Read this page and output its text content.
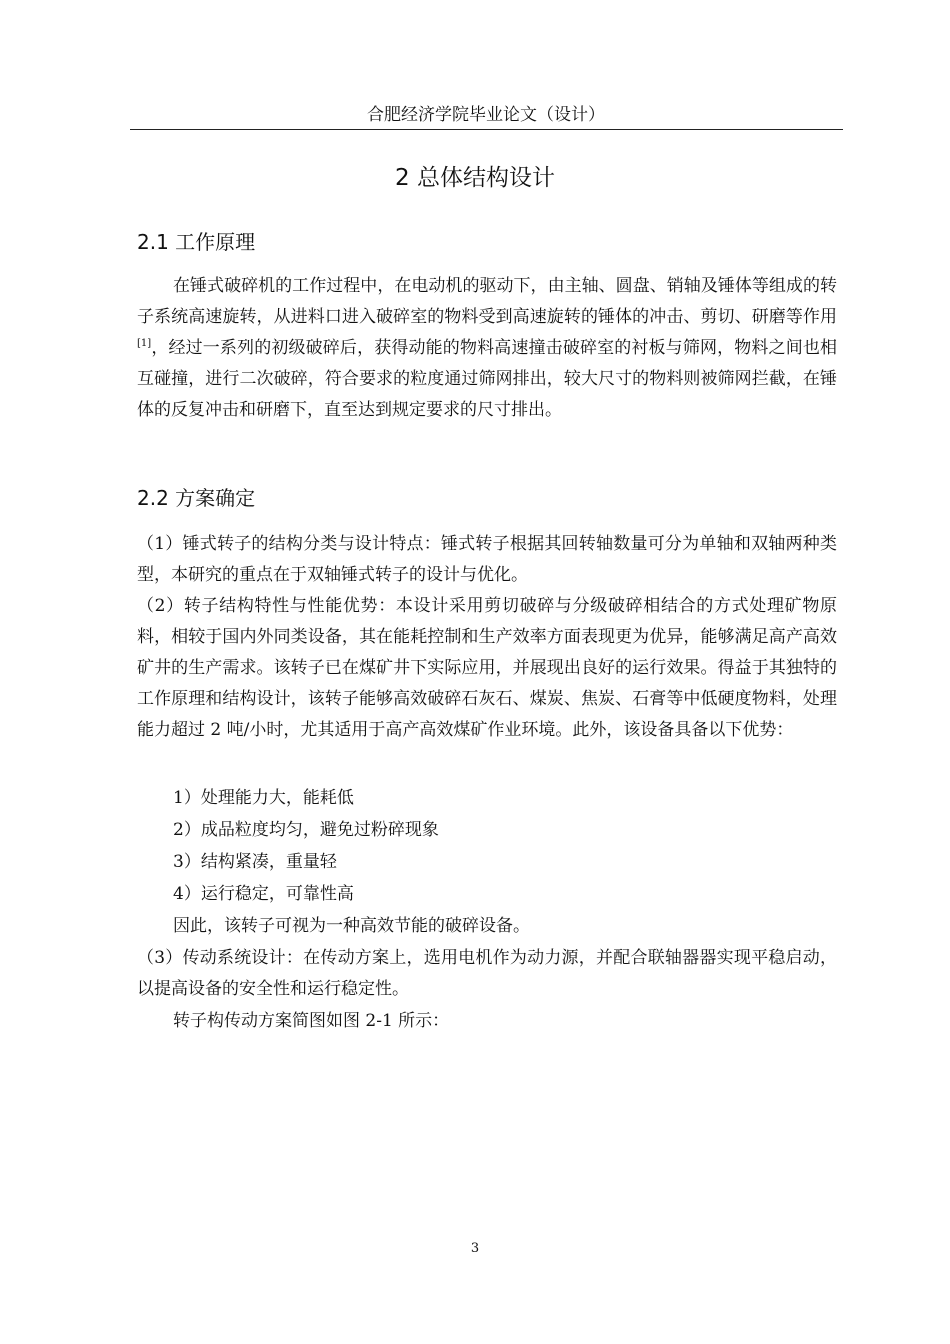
合肥经济学院毕业论文（设计）
2 总体结构设计
2.1 工作原理
在锤式破碎机的工作过程中，在电动机的驱动下，由主轴、圆盘、销轴及锤体等组成的转子系统高速旋转，从进料口进入破碎室的物料受到高速旋转的锤体的冲击、剪切、研磨等作用[1]，经过一系列的初级破碎后，获得动能的物料高速撞击破碎室的衬板与筛网，物料之间也相互碰撞，进行二次破碎，符合要求的粒度通过筛网排出，较大尺寸的物料则被筛网拦截，在锤体的反复冲击和研磨下，直至达到规定要求的尺寸排出。
2.2 方案确定
（1）锤式转子的结构分类与设计特点：锤式转子根据其回转轴数量可分为单轴和双轴两种类型，本研究的重点在于双轴锤式转子的设计与优化。
（2）转子结构特性与性能优势：本设计采用剪切破碎与分级破碎相结合的方式处理矿物原料，相较于国内外同类设备，其在能耗控制和生产效率方面表现更为优异，能够满足高产高效矿井的生产需求。该转子已在煤矿井下实际应用，并展现出良好的运行效果。得益于其独特的工作原理和结构设计，该转子能够高效破碎石灰石、煤炭、焦炭、石膏等中低硬度物料，处理能力超过 2 吨/小时，尤其适用于高产高效煤矿作业环境。此外，该设备具备以下优势：
1）处理能力大，能耗低
2）成品粒度均匀，避免过粉碎现象
3）结构紧凑，重量轻
4）运行稳定，可靠性高
因此，该转子可视为一种高效节能的破碎设备。
（3）传动系统设计：在传动方案上，选用电机作为动力源，并配合联轴器器实现平稳启动，以提高设备的安全性和运行稳定性。
转子构传动方案简图如图 2-1 所示：
3
